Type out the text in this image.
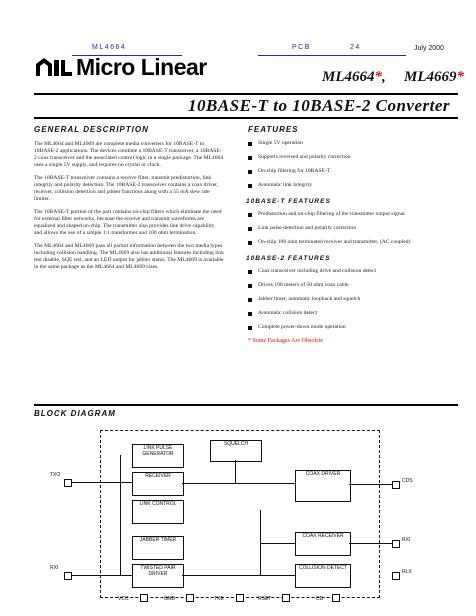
ML4664	PCB	24	July 2000
Micro Linear	ML4664*, ML4669*
10BASE-T to 10BASE-2 Converter
GENERAL DESCRIPTION
The ML4664 and ML4669 are complete media converters for 10BASE-T to 10BASE-2 applications. The devices combine a 10BASE-T transceiver, a 10BASE-2 coax transceiver and the associated control logic in a single package. The ML4664 uses a single 5V supply, and requires no crystal or clock.
The 10BASE-T transceiver contains a receive filter, transmit predistortion, link integrity and polarity detection. The 10BASE-2 transceiver contains a coax driver, receiver, collision detection and jabber functions along with a 55 mA slew rate limiter.
The 10BASE-T portion of the part contains on-chip filters which eliminate the need for external filter networks, because the receive and transmit waveforms are equalized and shaped on-chip. The transmitter also provides line drive capability and allows the use of a simple 1:1 transformer and 100 ohm termination.
The ML4664 and ML4669 pass all packet information between the two media types including collision handling. The ML4669 also has additional features including link test disable, SQE test, and an LED output for jabber status. The ML4669 is available in the same package as the ML4664 and ML4669 sizes.
FEATURES
Single 5V operation
Supports reversed and polarity correction
On-chip filtering for 10BASE-T
Automatic link integrity
10BASE-T FEATURES
Predistortion and on-chip filtering of the transmitter output signal
Link pulse detection and polarity correction
On-chip 100 ohm terminated receiver and transmitter, (AC coupled)
10BASE-2 FEATURES
Coax transceiver including drive and collision detect
Drives 100 meters of 50 ohm coax cable
Jabber timer, automatic loopback and squelch
Automatic collision detect
Complete power-down mode operation
* Some Packages Are Obsolete
BLOCK DIAGRAM
LINK PULSE GENERATOR
RECEIVER
LINK CONTROL
SQUELCH
COAX DRIVER
JABBER TIMER
TWISTED PAIR DRIVER
COAX RECEIVER
COLLISION DETECT
TXO
RXI
CDS
RXI
RLX
VCC	GND	TXE	RSET	CD
